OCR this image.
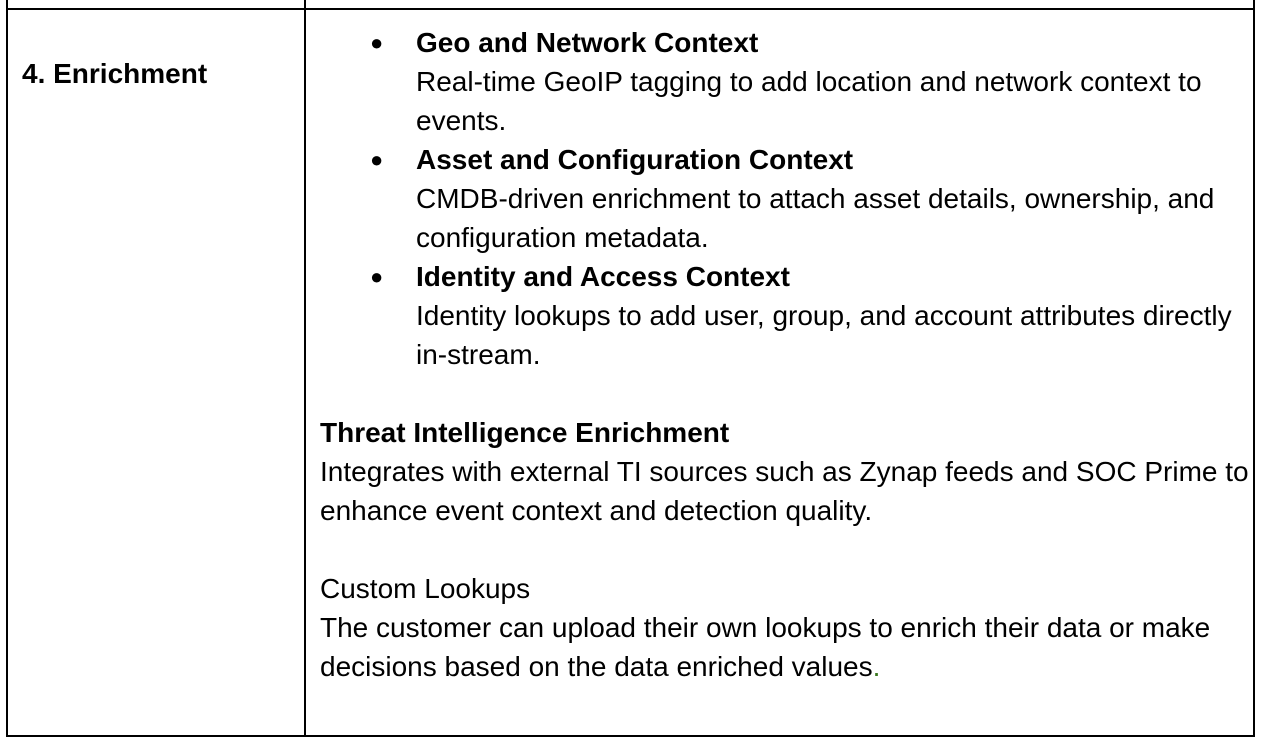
4. Enrichment
● Geo and Network Context
Real-time GeoIP tagging to add location and network context to events.
● Asset and Configuration Context
CMDB-driven enrichment to attach asset details, ownership, and configuration metadata.
● Identity and Access Context
Identity lookups to add user, group, and account attributes directly in-stream.
Threat Intelligence Enrichment
Integrates with external TI sources such as Zynap feeds and SOC Prime to enhance event context and detection quality.
Custom Lookups
The customer can upload their own lookups to enrich their data or make decisions based on the data enriched values.
